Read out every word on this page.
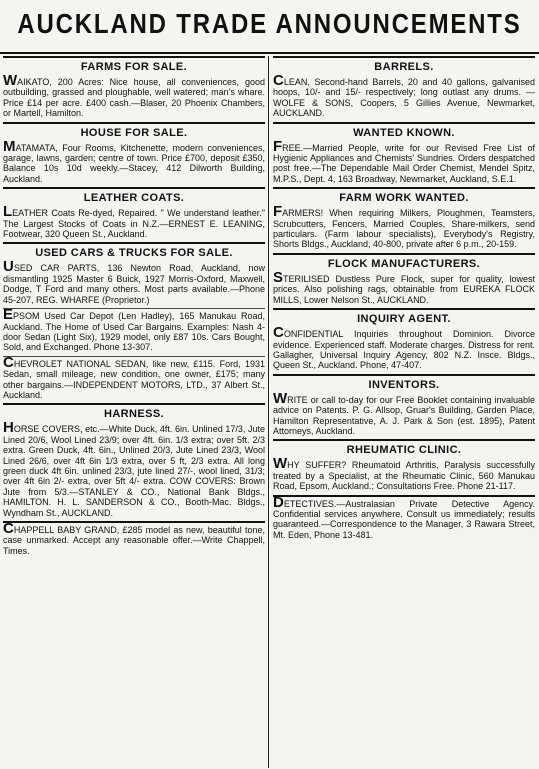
AUCKLAND TRADE ANNOUNCEMENTS
FARMS FOR SALE.
WAIKATO, 200 Acres: Nice house, all conveniences, good outbuilding, grassed and ploughable, well watered; man's whare. Price £14 per acre. £400 cash.—Blaser, 20 Phoenix Chambers, or Martell, Hamilton.
HOUSE FOR SALE.
MATAMATA, Four Rooms, Kitchenette, modern conveniences, garage, lawns, garden; centre of town. Price £700, deposit £350, Balance 10s 10d weekly.—Stacey, 412 Dilworth Building, Auckland.
LEATHER COATS.
LEATHER Coats Re-dyed, Repaired. " We understand leather." The Largest Stocks of Coats in N.Z.—ERNEST E. LEANING, Footwear, 320 Queen St., Auckland.
USED CARS & TRUCKS FOR SALE.
USED CAR PARTS, 136 Newton Road, Auckland, now dismantling 1925 Master 6 Buick, 1927 Morris-Oxford, Maxwell, Dodge, T Ford and many others. Most parts available.—Phone 45-207, REG. WHARFE (Proprietor.)
EPSOM Used Car Depot (Len Hadley), 165 Manukau Road, Auckland. The Home of Used Car Bargains. Examples: Nash 4-door Sedan (Light Six), 1929 model, only £87 10s. Cars Bought, Sold, and Exchanged. Phone 13-307.
CHEVROLET NATIONAL SEDAN, like new, £115. Ford, 1931 Sedan, small mileage, new condition, one owner, £175; many other bargains.—INDEPENDENT MOTORS, LTD., 37 Albert St., Auckland.
HARNESS.
HORSE COVERS, etc.—White Duck, 4ft. 6in. Unlined 17/3, Jute Lined 20/6, Wool Lined 23/9; over 4ft. 6in. 1/3 extra; over 5ft. 2/3 extra. Green Duck, 4ft. 6in., Unlined 20/3, Jute Lined 23/3, Wool Lined 26/6, over 4ft 6in 1/3 extra, over 5 ft, 2/3 extra. All long green duck 4ft 6in. unlined 23/3, jute lined 27/-, wool lined, 31/3; over 4ft 6in 2/- extra, over 5ft 4/- extra. COW COVERS: Brown Jute from 5/3.—STANLEY & CO., National Bank Bldgs., HAMILTON. H. L. SANDERSON & CO., Booth-Mac. Bldgs., Wyndham St., AUCKLAND.
CHAPPELL BABY GRAND, £285 model as new, beautiful tone, case unmarked. Accept any reasonable offer.—Write Chappell, Times.
BARRELS.
CLEAN, Second-hand Barrels, 20 and 40 gallons, galvanised hoops, 10/- and 15/- respectively; long outlast any drums. —WOLFE & SONS, Coopers, 5 Gillies Avenue, Newmarket, AUCKLAND.
WANTED KNOWN.
FREE.—Married People, write for our Revised Free List of Hygienic Appliances and Chemists' Sundries. Orders despatched post free.—The Dependable Mail Order Chemist, Mendel Spitz, M.P.S., Dept. 4, 163 Broadway, Newmarket, Auckland, S.E.1.
FARM WORK WANTED.
FARMERS! When requiring Milkers, Ploughmen, Teamsters, Scrubcutters, Fencers, Married Couples, Share-milkers, send particulars. (Farm labour specialists), Everybody's Registry, Shorts Bldgs., Auckland, 40-800, private after 6 p.m., 20-159.
FLOCK MANUFACTURERS.
STERILISED Dustless Pure Flock, super for quality, lowest prices. Also polishing rags, obtainable from EUREKA FLOCK MILLS, Lower Nelson St., AUCKLAND.
INQUIRY AGENT.
CONFIDENTIAL Inquiries throughout Dominion. Divorce evidence. Experienced staff. Moderate charges. Distress for rent. Gallagher, Universal Inquiry Agency, 802 N.Z. Insce. Bldgs., Queen St., Auckland. Phone, 47-407.
INVENTORS.
WRITE or call to-day for our Free Booklet containing invaluable advice on Patents. P. G. Allsop, Gruar's Building, Garden Place, Hamilton Representative, A. J. Park & Son (est. 1895), Patent Attorneys, Auckland.
RHEUMATIC CLINIC.
WHY SUFFER? Rheumatoid Arthritis, Paralysis successfully treated by a Specialist, at the Rheumatic Clinic, 560 Manukau Road, Epsom, Auckland.; Consultations Free. Phone 21-117.
DETECTIVES.—Australasian Private Detective Agency. Confidential services anywhere. Consult us immediately; results guaranteed.—Correspondence to the Manager, 3 Rawara Street, Mt. Eden, Phone 13-481.
